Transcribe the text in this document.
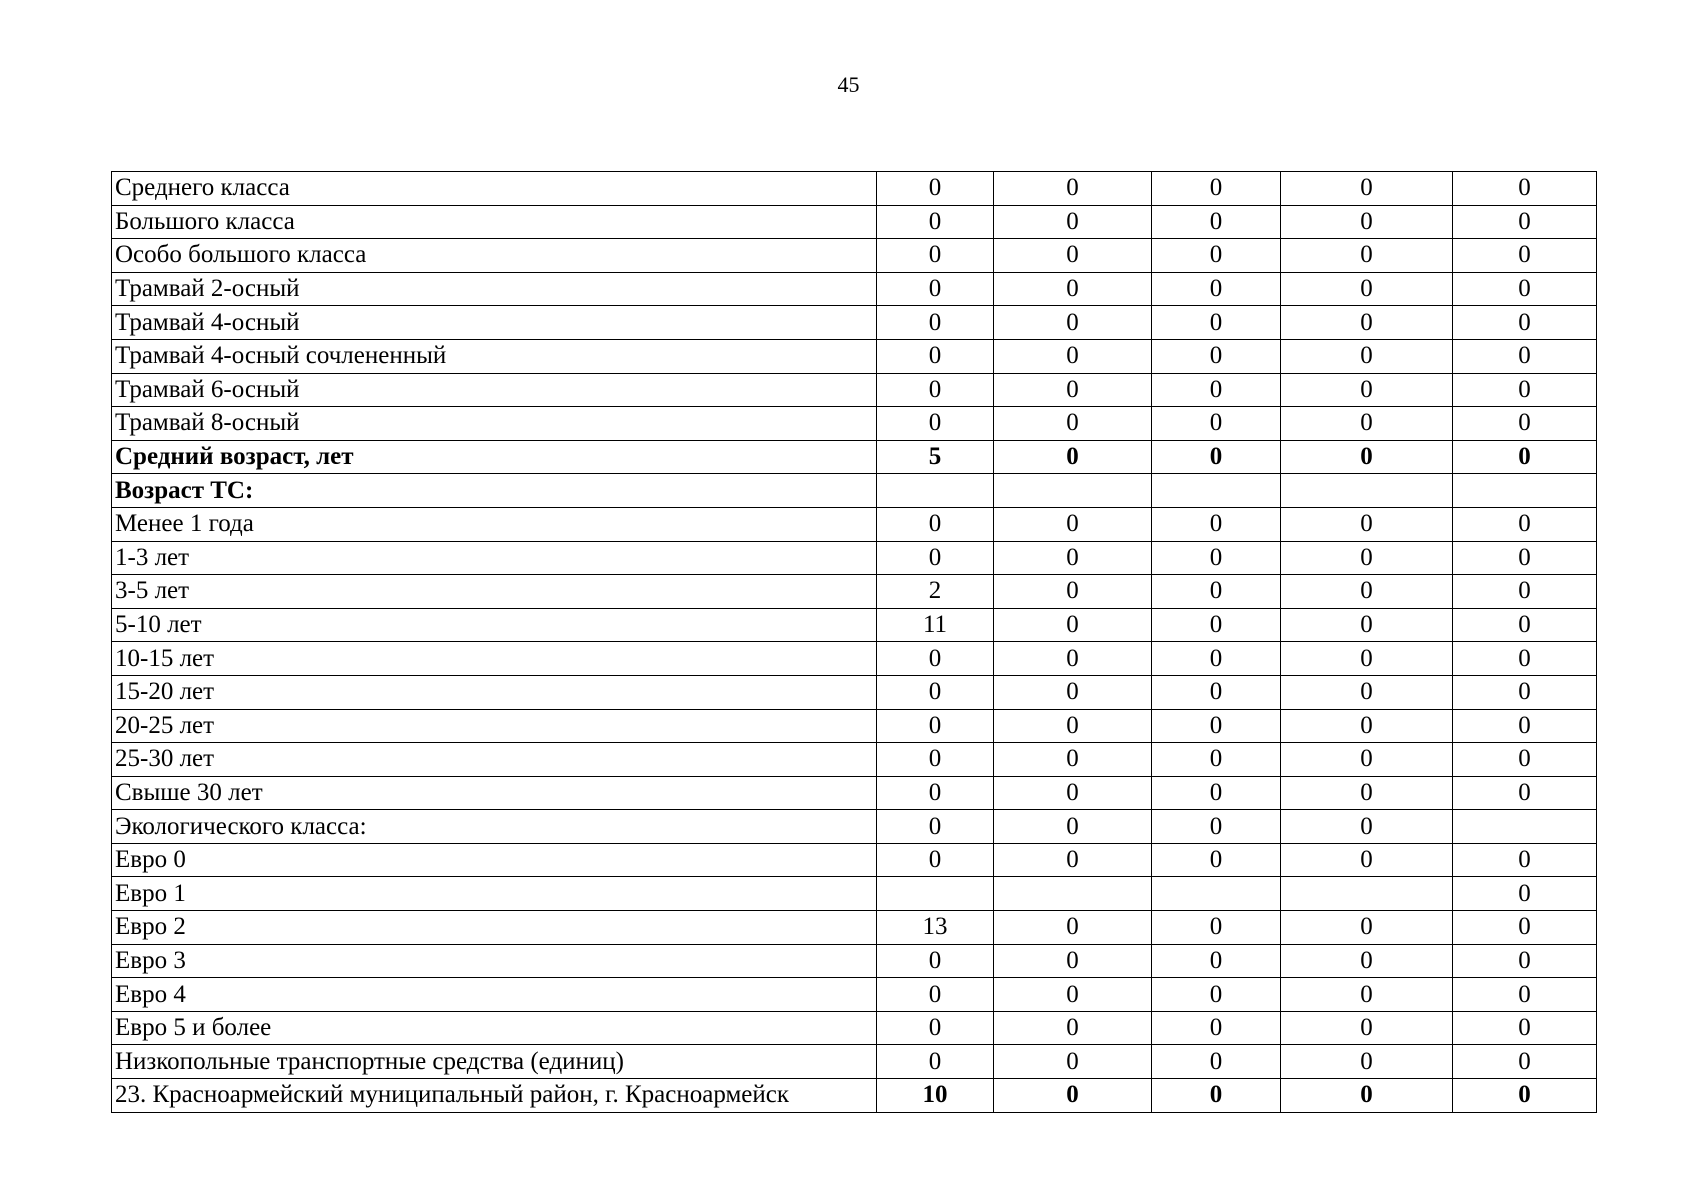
45
Среднего класса	0	0	0	0	0
Большого класса	0	0	0	0	0
Особо большого класса	0	0	0	0	0
Трамвай 2-осный	0	0	0	0	0
Трамвай 4-осный	0	0	0	0	0
Трамвай 4-осный сочлененный	0	0	0	0	0
Трамвай 6-осный	0	0	0	0	0
Трамвай 8-осный	0	0	0	0	0
Средний возраст, лет	5	0	0	0	0
Возраст ТС:					
Менее 1 года	0	0	0	0	0
1-3 лет	0	0	0	0	0
3-5 лет	2	0	0	0	0
5-10 лет	11	0	0	0	0
10-15 лет	0	0	0	0	0
15-20 лет	0	0	0	0	0
20-25 лет	0	0	0	0	0
25-30 лет	0	0	0	0	0
Свыше 30 лет	0	0	0	0	0
Экологического класса:	0	0	0	0	
Евро 0	0	0	0	0	0
Евро 1					0
Евро 2	13	0	0	0	0
Евро 3	0	0	0	0	0
Евро 4	0	0	0	0	0
Евро 5 и более	0	0	0	0	0
Низкопольные транспортные средства (единиц)	0	0	0	0	0
23. Красноармейский муниципальный район, г. Красноармейск	10	0	0	0	0
